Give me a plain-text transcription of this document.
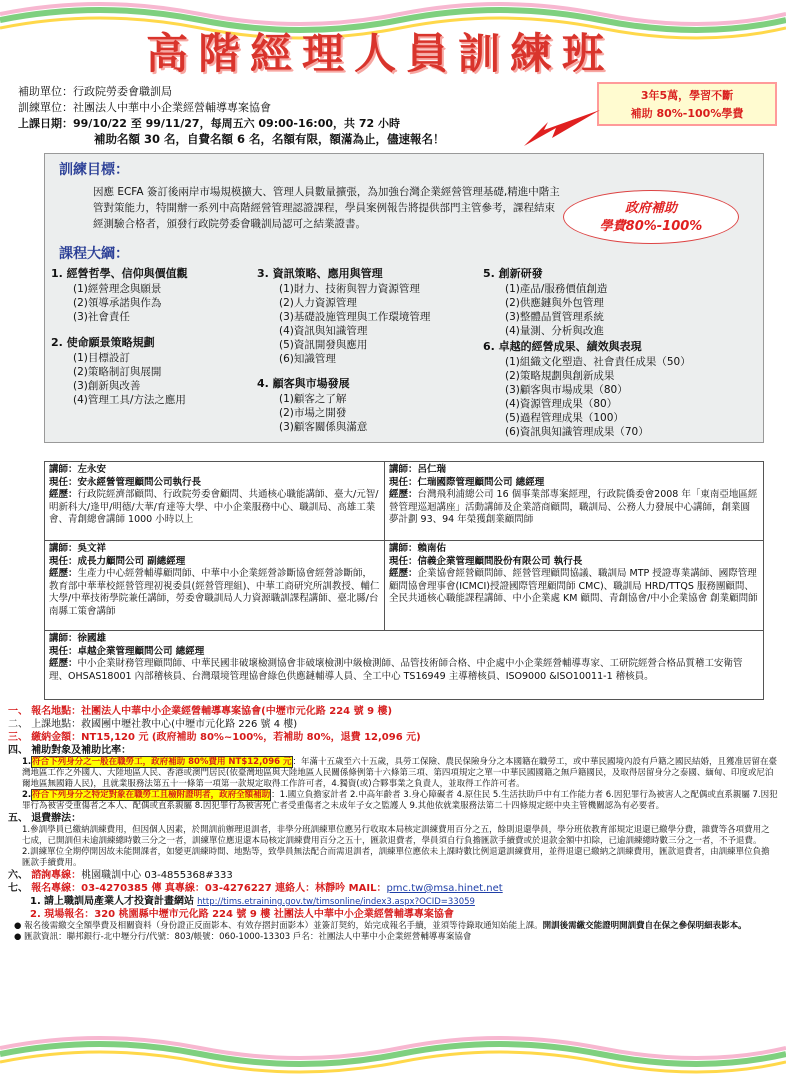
高階經理人員訓練班
補助單位：行政院勞委會職訓局
訓練單位：社團法人中華中小企業經營輔導專案協會
上課日期：99/10/22 至 99/11/27，每周五六 09:00-16:00，共 72 小時
3年5萬，學習不斷
補助 80%-100%學費
補助名額 30 名，自費名額 6 名，名額有限，額滿為止，儘速報名！
訓練目標：
因應 ECFA 簽訂後兩岸市場規模擴大、管理人員數量擴張，為加強台灣企業經營管理基礎,精進中階主管對策能力，特開辦一系列中高階經營管理認證課程，學員案例報告將提供部門主管參考，課程結束經測驗合格者，頒發行政院勞委會職訓局認可之結業證書。
政府補助
學費80%-100%
課程大綱：
1. 經營哲學、信仰與價值觀
(1)經營理念與願景
(2)領導承諾與作為
(3)社會責任
2. 使命願景策略規劃
(1)目標設訂
(2)策略制訂與展開
(3)創新與改善
(4)管理工具/方法之應用
3. 資訊策略、應用與管理
(1)財力、技術與智力資源管理
(2)人力資源管理
(3)基礎設施管理與工作環境管理
(4)資訊與知識管理
(5)資訊開發與應用
(6)知識管理
4. 顧客與市場發展
(1)顧客之了解
(2)市場之開發
(3)顧客關係與滿意
5. 創新研發
(1)產品/服務價值創造
(2)供應鏈與外包管理
(3)整體品質管理系統
(4)量測、分析與改進
6. 卓越的經營成果、績效與表現
(1)組織文化塑造、社會責任成果（50）
(2)策略規劃與創新成果
(3)顧客與市場成果（80）
(4)資源管理成果（80）
(5)過程管理成果（100）
(6)資訊與知識管理成果（70）
講師：左永安
現任：安永經營管理顧問公司執行長
經歷：行政院經濟部顧問、行政院勞委會顧問、共通核心職能講師、臺大/元智/明新科大/逢甲/明德/大華/育達等大學、中小企業服務中心、職訓局、高雄工業會、青創總會講師 1000 小時以上
講師：呂仁瑞
現任：仁瑞國際管理顧問公司 總經理
經歷：台灣飛利浦總公司 16 個事業部專案經理，行政院僑委會2008 年「東南亞地區經營管理巡迴講座」活動講師及企業諮商顧問，職訓局、公務人力發展中心講師，創業圓夢計劃 93、94 年榮獲創業顧問師
講師：吳文祥
現任：成長力顧問公司 副總經理
經歷：生產力中心經營輔導顧問師、中華中小企業經營診斷協會經營診斷師，教育部中華華校經營管理初視委員(經營管理組)、中華工商研究所訓教授、輔仁大學/中華技術學院兼任講師，勞委會職訓局人力資源職訓課程講師、臺北縣/台南縣工策會講師
講師：賴南佑
現任：信義企業管理顧問股份有限公司 執行長
經歷：企業協會經營顧問師、經營管理顧問協議、職訓局 MTP 授證專業講師、國際管理顧問協會理事會(ICMCI)授證國際管理顧問師 CMC)、職訓局 HRD/TTQS 服務團顧問、全民共通核心職能課程講師、中小企業處 KM 顧問、青創協會/中小企業協會 創業顧問師
講師：徐國雄
現任：卓越企業管理顧問公司 總經理
經歷：中小企業財務管理顧問師、中華民國非破壞檢測協會非破壞檢測中級檢測師、品管技術師合格、中企處中小企業經營輔導專家、工研院經營合格品質稽工安衛管理、OHSAS18001 內部稽核員、台灣環境管理協會綠色供應鏈輔導人員、全工中心 TS16949 主導稽核員、ISO9000 &ISO10011-1 稽核員。
一、 報名地點：社團法人中華中小企業經營輔導專案協會(中壢市元化路 224 號 9 樓)
二、 上課地點：救國團中壢社教中心(中壢市元化路 226 號 4 樓)
三、 繳納金額：NT15,120 元 (政府補助 80%~100%，若補助 80%，退費 12,096 元)
四、 補助對象及補助比率：
1.符合下列身分之一般在職勞工，政府補助 80%費用 NT$12,096 元：年滿十五歲至六十五歲，具勞工保險、農民保險身分之本國籍在職勞工，或中華民國境內設有戶籍之國民結婚，且獲准居留在臺灣地區工作之外國人、大陸地區人民、香港或澳門居民(依臺灣地區與大陸地區人民關係條例第十六條第三項、第四項規定之單一中華民國國籍之無戶籍國民，及取得居留身分之泰國、緬甸、印度或尼泊爾地區無國籍人民)，且就業服務法第五十一條第一項第一款規定取得工作許可者，4.獨資(或)合夥事業之負責人，並取得工作許可者。
2.符合下列身分之特定對象在職勞工且檢附證明者，政府全額補助：1.國立負擔家計者 2.中高年齡者 3.身心障礙者 4.原住民 5.生活扶助戶中有工作能力者 6.因犯罪行為被害人之配偶或直系親屬 7.因犯罪行為被害受重傷者之本人、配偶或直系親屬 8.因犯罪行為被害死亡者受重傷者之未成年子女之監護人 9.其他依就業服務法第二十四條規定經中央主管機關認為有必要者。
五、 退費辦法：
1.參訓學員已繳納訓練費用，但因個人因素，於開訓前辦理退訓者，非學分班訓練單位應另行收取本局核定訓練費用百分之五，餘則退還學員，學分班依教育部規定退還已繳學分費，雜費等各項費用之七成，已開訓但未逾訓練總時數三分之一者，訓練單位應退還本局核定訓練費用百分之五十，匯款退費者，學員須自行負擔匯款手續費或於退款金額中扣除，已逾訓練總時數三分之一者，不予退費。
2.訓練單位全期停開因故未能開課者，如變更訓練時間、地點等，致學員無法配合而需退訓者，訓練單位應依未上課時數比例退還訓練費用，並得退還已繳納之訓練費用，匯款退費者，由訓練單位負擔匯款手續費用。
六、 諮詢專線：桃園職訓中心 03-4855368#333
七、 報名專線：03-4270385 傳 真專線：03-4276227 連絡人：林靜吟 MAIL：pmc.tw@msa.hinet.net
1. 請上職訓局產業人才投資計畫網站 http://tims.etraining.gov.tw/timsonline/index3.aspx?OCID=33059
2. 現場報名：320 桃園縣中壢市元化路 224 號 9 樓 社團法人中華中小企業經營輔導專案協會
● 報名後需繳交全額學費及相關資料（身份證正反面影本、有效存摺封面影本）並簽訂契約，始完成報名手續，並須等待錄取通知始能上課。開訓後需繳交能證明開訓費自在保之參保明細表影本。
● 匯款資訊：聯邦銀行-北中壢分行/代號：803/帳號：060-1000-13303 戶名：社團法人中華中小企業經營輔導專案協會
